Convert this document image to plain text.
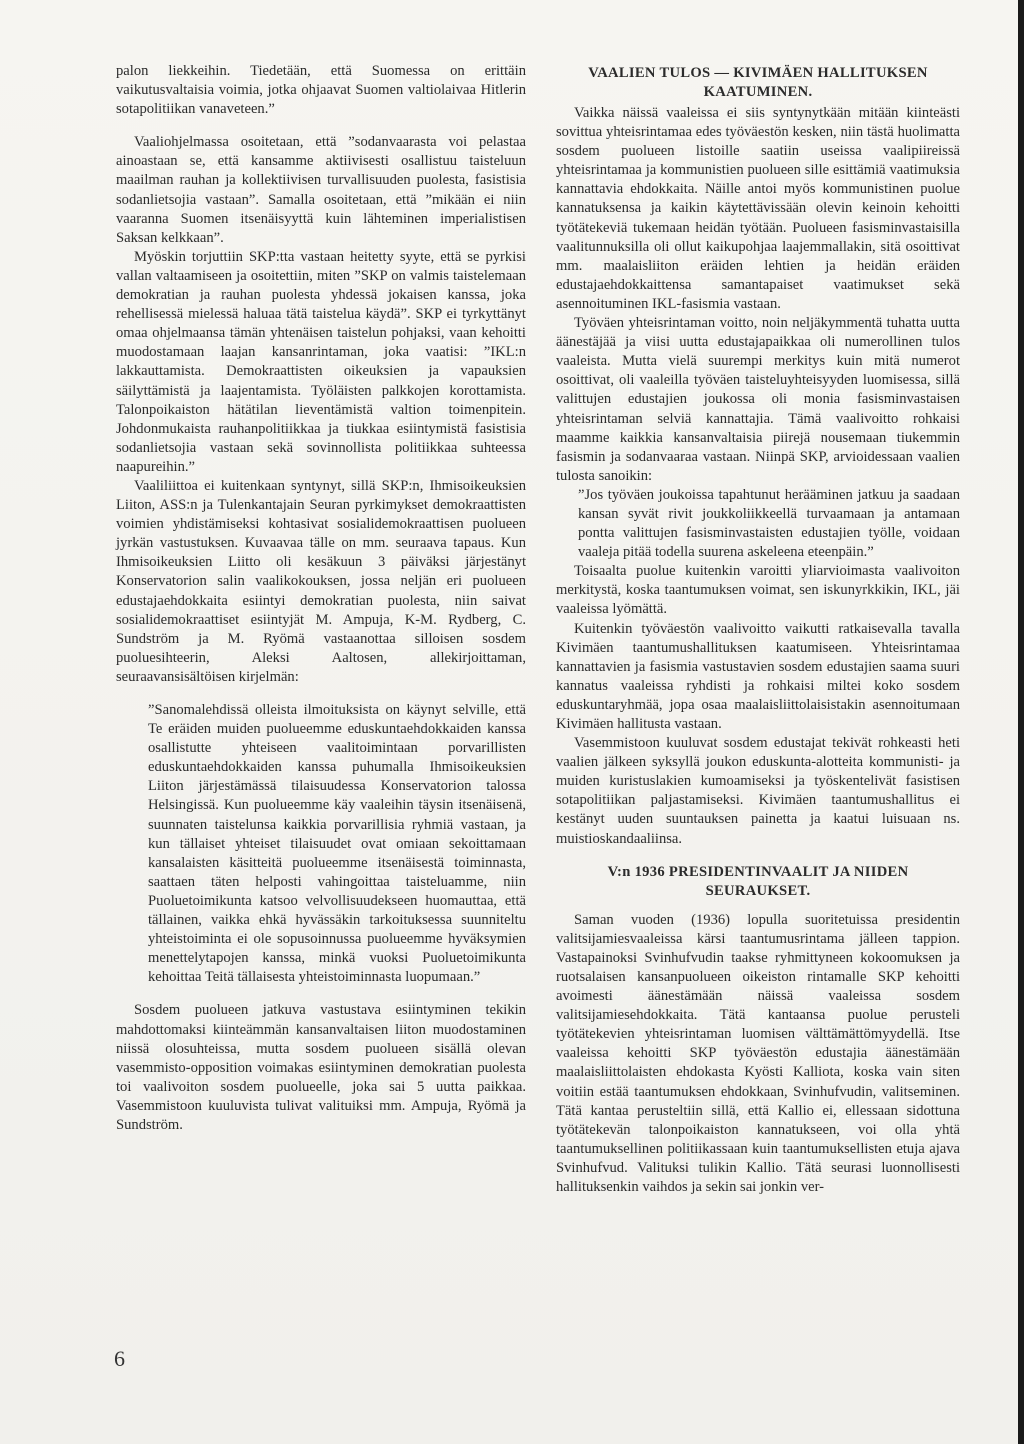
palon liekkeihin. Tiedetään, että Suomessa on erittäin vaikutusvaltaisia voimia, jotka ohjaavat Suomen valtiolaivaa Hitlerin sotapolitiikan vanaveteen.”

Vaaliohjelmassa osoitetaan, että ”sodanvaarasta voi pelastaa ainoastaan se, että kansamme aktiivisesti osallistuu taisteluun maailman rauhan ja kollektiivisen turvallisuuden puolesta, fasistisia sodanlietsojia vastaan”. Samalla osoitetaan, että ”mikään ei niin vaaranna Suomen itsenäisyyttä kuin lähteminen imperialistisen Saksan kelkkaan”.

Myöskin torjuttiin SKP:tta vastaan heitetty syyte, että se pyrkisi vallan valtaamiseen ja osoitettiin, miten ”SKP on valmis taistelemaan demokratian ja rauhan puolesta yhdessä jokaisen kanssa, joka rehellisessä mielessä haluaa tätä taistelua käydä”. SKP ei tyrkyttänyt omaa ohjelmaansa tämän yhtenäisen taistelun pohjaksi, vaan kehoitti muodostamaan laajan kansanrintaman, joka vaatisi: ”IKL:n lakkauttamista. Demokraattisten oikeuksien ja vapauksien säilyttämistä ja laajentamista. Työläisten palkkojen korottamista. Talonpoikaiston hätätilan lieventämistä valtion toimenpitein. Johdonmukaista rauhanpolitiikkaa ja tiukkaa esiintymistä fasistisia sodanlietsojia vastaan sekä sovinnollista politiikkaa suhteessa naapureihin.”

Vaaliliittoa ei kuitenkaan syntynyt, sillä SKP:n, Ihmisoikeuksien Liiton, ASS:n ja Tulenkantajain Seuran pyrkimykset demokraattisten voimien yhdistämiseksi kohtasivat sosialidemokraattisen puolueen jyrkän vastustuksen. Kuvaavaa tälle on mm. seuraava tapaus. Kun Ihmisoikeuksien Liitto oli kesäkuun 3 päiväksi järjestänyt Konservatorion salin vaalikokouksen, jossa neljän eri puolueen edustajaehdokkaita esiintyi demokratian puolesta, niin saivat sosialidemokraattiset esiintyjät M. Ampuja, K-M. Rydberg, C. Sundström ja M. Ryömä vastaanottaa silloisen sosdem puoluesihteerin, Aleksi Aaltosen, allekirjoittaman, seuraavansisältöisen kirjelmän:

”Sanomalehdissä olleista ilmoituksista on käynyt selville, että Te eräiden muiden puolueemme eduskuntaehdokkaiden kanssa osallistutte yhteiseen vaalitoimintaan porvarillisten eduskuntaehdokkaiden kanssa puhumalla Ihmisoikeuksien Liiton järjestämässä tilaisuudessa Konservatorion talossa Helsingissä. Kun puolueemme käy vaaleihin täysin itsenäisenä, suunnaten taistelunsa kaikkia porvarillisia ryhmiä vastaan, ja kun tällaiset yhteiset tilaisuudet ovat omiaan sekoittamaan kansalaisten käsitteitä puolueemme itsenäisestä toiminnasta, saattaen täten helposti vahingoittaa taisteluamme, niin Puoluetoimikunta katsoo velvollisuudekseen huomauttaa, että tällainen, vaikka ehkä hyvässäkin tarkoituksessa suunniteltu yhteistoiminta ei ole sopusoinnussa puolueemme hyväksymien menettelytapojen kanssa, minkä vuoksi Puoluetoimikunta kehoittaa Teitä tällaisesta yhteistoiminnasta luopumaan.”

Sosdem puolueen jatkuva vastustava esiintyminen tekikin mahdottomaksi kiinteämmän kansanvaltaisen liiton muodostaminen niissä olosuhteissa, mutta sosdem puolueen sisällä olevan vasemmisto-opposition voimakas esiintyminen demokratian puolesta toi vaalivoiton sosdem puolueelle, joka sai 5 uutta paikkaa. Vasemmistoon kuuluvista tulivat valituiksi mm. Ampuja, Ryömä ja Sundström.

VAALIEN TULOS — KIVIMÄEN HALLITUKSEN KAATUMINEN.

Vaikka näissä vaaleissa ei siis syntynytkään mitään kiinteästi sovittua yhteisrintamaa edes työväestön kesken, niin tästä huolimatta sosdem puolueen listoille saatiin useissa vaalipiireissä yhteisrintamaa ja kommunistien puolueen sille esittämiä vaatimuksia kannattavia ehdokkaita. Näille antoi myös kommunistinen puolue kannatuksensa ja kaikin käytettävissään olevin keinoin kehoitti työtätekeviä tukemaan heidän työtään. Puolueen fasisminvastaisilla vaalitunnuksilla oli ollut kaikupohjaa laajemmallakin, sitä osoittivat mm. maalaisliiton eräiden lehtien ja heidän eräiden edustajaehdokkaittensa samantapaiset vaatimukset sekä asennoituminen IKL-fasismia vastaan.

Työväen yhteisrintaman voitto, noin neljäkymmentä tuhatta uutta äänestäjää ja viisi uutta edustajapaikkaa oli numerollinen tulos vaaleista. Mutta vielä suurempi merkitys kuin mitä numerot osoittivat, oli vaaleilla työväen taisteluyhteisyyden luomisessa, sillä valittujen edustajien joukossa oli monia fasisminvastaisen yhteisrintaman selviä kannattajia. Tämä vaalivoitto rohkaisi maamme kaikkia kansanvaltaisia piirejä nousemaan tiukemmin fasismin ja sodanvaaraa vastaan. Niinpä SKP, arvioidessaan vaalien tulosta sanoikin:

”Jos työväen joukoissa tapahtunut herääminen jatkuu ja saadaan kansan syvät rivit joukkoliikkeellä turvaamaan ja antamaan pontta valittujen fasisminvastaisten edustajien työlle, voidaan vaaleja pitää todella suurena askeleena eteenpäin.”

Toisaalta puolue kuitenkin varoitti yliarvioimasta vaalivoiton merkitystä, koska taantumuksen voimat, sen iskunyrkkikin, IKL, jäi vaaleissa lyömättä.

Kuitenkin työväestön vaalivoitto vaikutti ratkaisevalla tavalla Kivimäen taantumushallituksen kaatumiseen. Yhteisrintamaa kannattavien ja fasismia vastustavien sosdem edustajien saama suuri kannatus vaaleissa ryhdisti ja rohkaisi miltei koko sosdem eduskuntaryhmää, jopa osaa maalaisliittolaisistakin asennoitumaan Kivimäen hallitusta vastaan.

Vasemmistoon kuuluvat sosdem edustajat tekivät rohkeasti heti vaalien jälkeen syksyllä joukon eduskunta-alotteita kommunisti- ja muiden kuristuslakien kumoamiseksi ja työskentelivät fasistisen sotapolitiikan paljastamiseksi. Kivimäen taantumushallitus ei kestänyt uuden suuntauksen painetta ja kaatui luisuaan ns. muistioskandaaliinsa.

V:n 1936 PRESIDENTINVAALIT JA NIIDEN SEURAUKSET.

Saman vuoden (1936) lopulla suoritetuissa presidentin valitsijamiesvaaleissa kärsi taantumusrintama jälleen tappion. Vastapainoksi Svinhufvudin taakse ryhmittyneen kokoomuksen ja ruotsalaisen kansanpuolueen oikeiston rintamalle SKP kehoitti avoimesti äänestämään näissä vaaleissa sosdem valitsijamiesehdokkaita. Tätä kantaansa puolue perusteli työtätekevien yhteisrintaman luomisen välttämättömyydellä. Itse vaaleissa kehoitti SKP työväestön edustajia äänestämään maalaisliittolaisten ehdokasta Kyösti Kalliota, koska vain siten voitiin estää taantumuksen ehdokkaan, Svinhufvudin, valitseminen. Tätä kantaa perusteltiin sillä, että Kallio ei, ellessaan sidottuna työtätekevän talonpoikaiston kannatukseen, voi olla yhtä taantumuksellinen politiikassaan kuin taantumuksellisten etuja ajava Svinhufvud. Valituksi tulikin Kallio. Tätä seurasi luonnollisesti hallituksenkin vaihdos ja sekin sai jonkin ver-

6
